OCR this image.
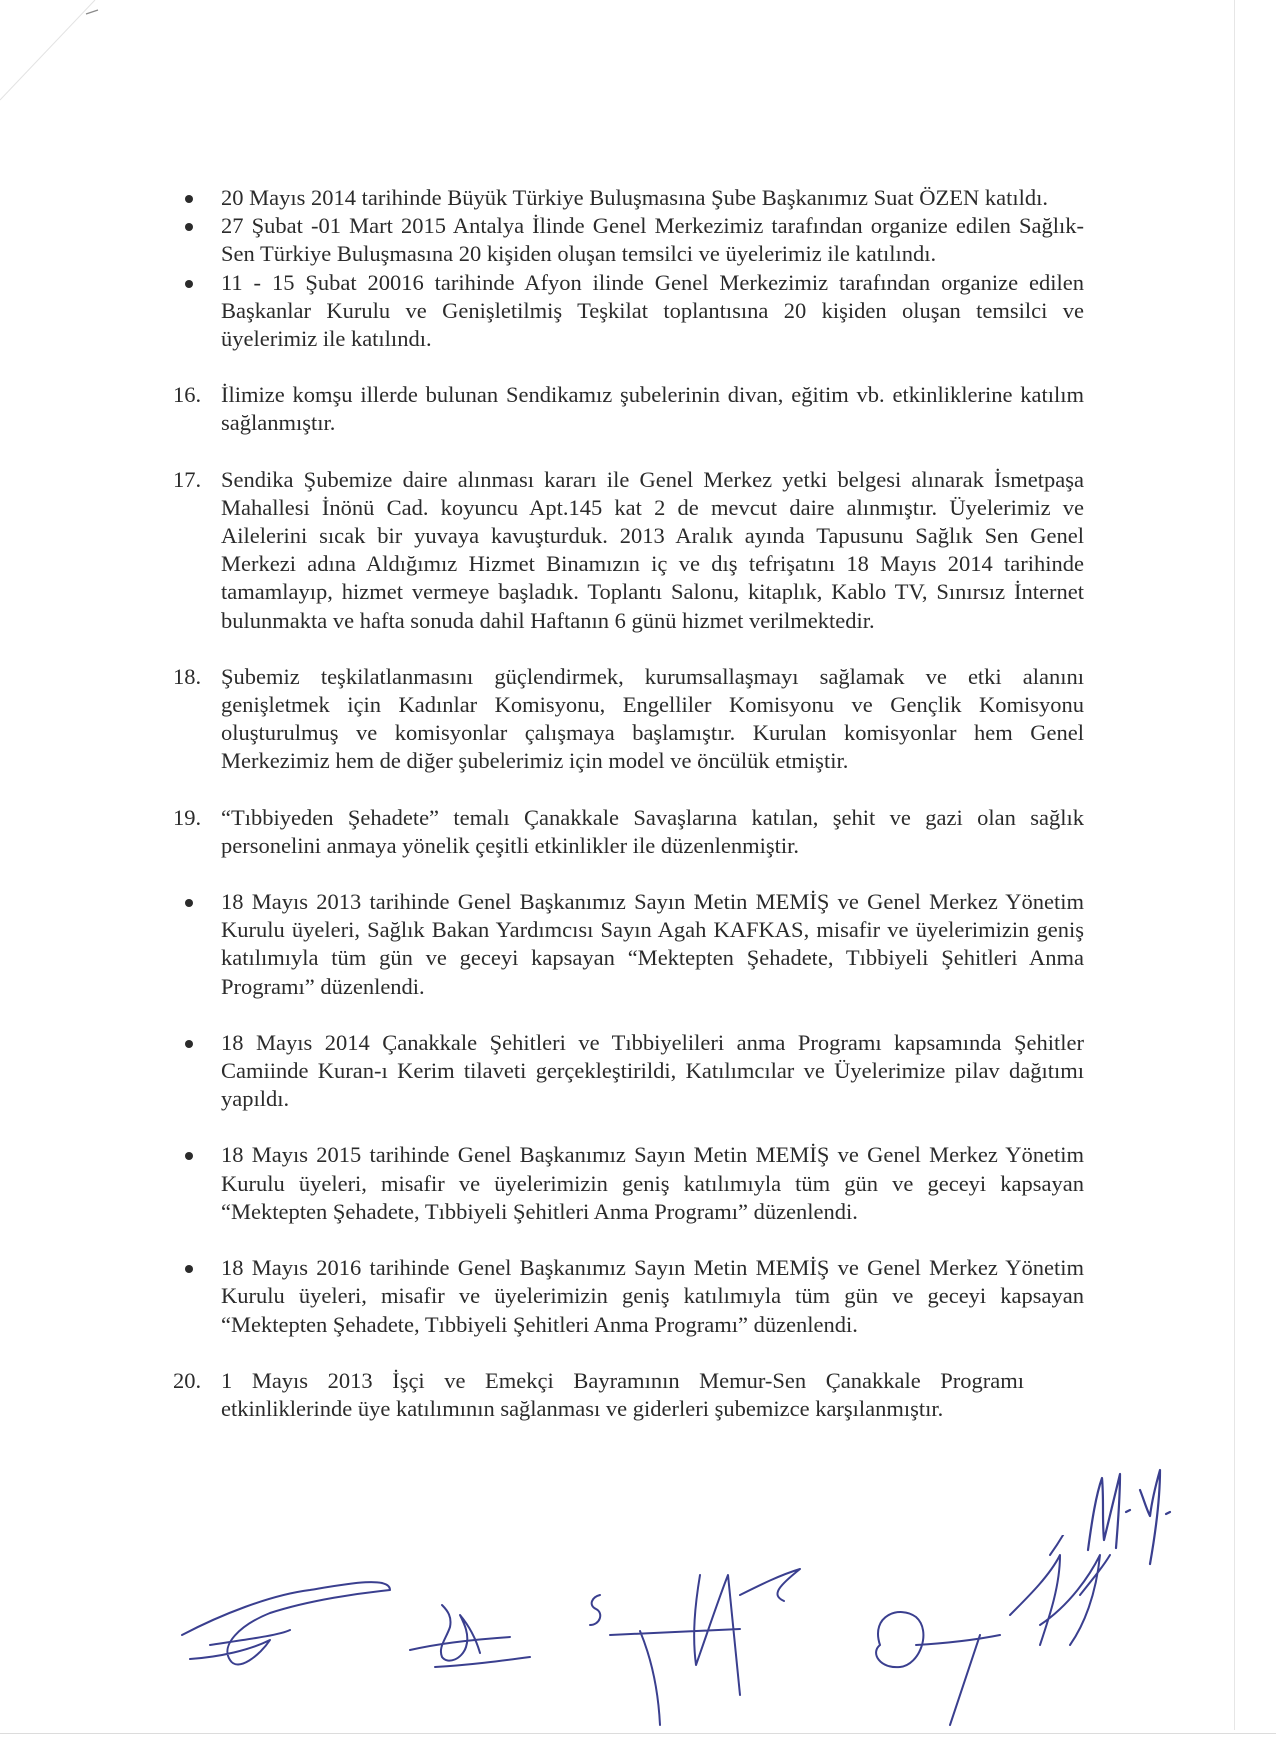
20 Mayıs 2014 tarihinde Büyük Türkiye Buluşmasına Şube Başkanımız Suat ÖZEN katıldı.
27 Şubat -01 Mart 2015 Antalya İlinde Genel Merkezimiz tarafından organize edilen Sağlık-Sen Türkiye Buluşmasına 20 kişiden oluşan temsilci ve üyelerimiz ile katılındı.
11 - 15 Şubat 20016 tarihinde Afyon ilinde Genel Merkezimiz tarafından organize edilen Başkanlar Kurulu ve Genişletilmiş Teşkilat toplantısına 20 kişiden oluşan temsilci ve üyelerimiz ile katılındı.
16. İlimize komşu illerde bulunan Sendikamız şubelerinin divan, eğitim vb. etkinliklerine katılım sağlanmıştır.
17. Sendika Şubemize daire alınması kararı ile Genel Merkez yetki belgesi alınarak İsmetpaşa Mahallesi İnönü Cad. koyuncu Apt.145 kat 2 de mevcut daire alınmıştır. Üyelerimiz ve Ailelerini sıcak bir yuvaya kavuşturduk. 2013 Aralık ayında Tapusunu Sağlık Sen Genel Merkezi adına Aldığımız Hizmet Binamızın iç ve dış tefrişatını 18 Mayıs 2014 tarihinde tamamlayıp, hizmet vermeye başladık. Toplantı Salonu, kitaplık, Kablo TV, Sınırsız İnternet bulunmakta ve hafta sonuda dahil Haftanın 6 günü hizmet verilmektedir.
18. Şubemiz teşkilatlanmasını güçlendirmek, kurumsallaşmayı sağlamak ve etki alanını genişletmek için Kadınlar Komisyonu, Engelliler Komisyonu ve Gençlik Komisyonu oluşturulmuş ve komisyonlar çalışmaya başlamıştır. Kurulan komisyonlar hem Genel Merkezimiz hem de diğer şubelerimiz için model ve öncülük etmiştir.
19. “Tıbbiyeden Şehadete” temalı Çanakkale Savaşlarına katılan, şehit ve gazi olan sağlık personelini anmaya yönelik çeşitli etkinlikler ile düzenlenmiştir.
18 Mayıs 2013 tarihinde Genel Başkanımız Sayın Metin MEMİŞ ve Genel Merkez Yönetim Kurulu üyeleri, Sağlık Bakan Yardımcısı Sayın Agah KAFKAS, misafir ve üyelerimizin geniş katılımıyla tüm gün ve geceyi kapsayan “Mektepten Şehadete, Tıbbiyeli Şehitleri Anma Programı” düzenlendi.
18 Mayıs 2014 Çanakkale Şehitleri ve Tıbbiyelileri anma Programı kapsamında Şehitler Camiinde Kuran-ı Kerim tilaveti gerçekleştirildi, Katılımcılar ve Üyelerimize pilav dağıtımı yapıldı.
18 Mayıs 2015 tarihinde Genel Başkanımız Sayın Metin MEMİŞ ve Genel Merkez Yönetim Kurulu üyeleri, misafir ve üyelerimizin geniş katılımıyla tüm gün ve geceyi kapsayan “Mektepten Şehadete, Tıbbiyeli Şehitleri Anma Programı” düzenlendi.
18 Mayıs 2016 tarihinde Genel Başkanımız Sayın Metin MEMİŞ ve Genel Merkez Yönetim Kurulu üyeleri, misafir ve üyelerimizin geniş katılımıyla tüm gün ve geceyi kapsayan “Mektepten Şehadete, Tıbbiyeli Şehitleri Anma Programı” düzenlendi.
20. 1 Mayıs 2013 İşçi ve Emekçi Bayramının Memur-Sen Çanakkale Programı etkinliklerinde üye katılımının sağlanması ve giderleri şubemizce karşılanmıştır.
